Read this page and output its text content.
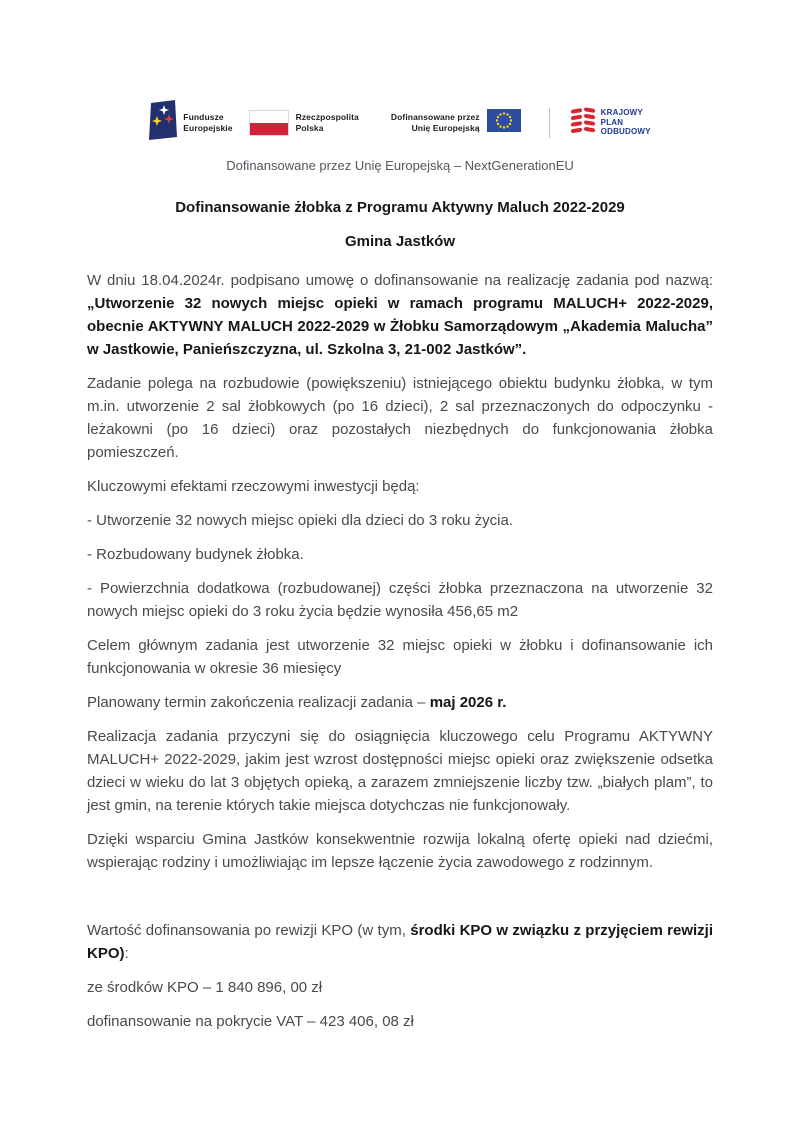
Fundusze
Europejskie
Rzeczpospolita
Polska
Dofinansowane przez
Unię Europejską
KRAJOWY
PLAN
ODBUDOWY
Dofinansowane przez Unię Europejską – NextGenerationEU
Dofinansowanie żłobka z Programu Aktywny Maluch 2022-2029
Gmina Jastków

W dniu 18.04.2024r. podpisano umowę o dofinansowanie na realizację zadania pod nazwą: „Utworzenie 32 nowych miejsc opieki w ramach programu MALUCH+ 2022-2029, obecnie AKTYWNY MALUCH 2022-2029 w Żłobku Samorządowym „Akademia Malucha” w Jastkowie, Panieńszczyzna, ul. Szkolna 3, 21-002 Jastków”.

Zadanie polega na rozbudowie (powiększeniu) istniejącego obiektu budynku żłobka, w tym m.in. utworzenie 2 sal żłobkowych (po 16 dzieci), 2 sal przeznaczonych do odpoczynku - leżakowni (po 16 dzieci) oraz pozostałych niezbędnych do funkcjonowania żłobka pomieszczeń.

Kluczowymi efektami rzeczowymi inwestycji będą:

- Utworzenie 32 nowych miejsc opieki dla dzieci do 3 roku życia.

- Rozbudowany budynek żłobka.

- Powierzchnia dodatkowa (rozbudowanej) części żłobka przeznaczona na utworzenie 32 nowych miejsc opieki do 3 roku życia będzie wynosiła 456,65 m2

Celem głównym zadania jest utworzenie 32 miejsc opieki w żłobku i dofinansowanie ich funkcjonowania w okresie 36 miesięcy

Planowany termin zakończenia realizacji zadania – maj 2026 r.

Realizacja zadania przyczyni się do osiągnięcia kluczowego celu Programu AKTYWNY MALUCH+ 2022-2029, jakim jest wzrost dostępności miejsc opieki oraz zwiększenie odsetka dzieci w wieku do lat 3 objętych opieką, a zarazem zmniejszenie liczby tzw. „białych plam”, to jest gmin, na terenie których takie miejsca dotychczas nie funkcjonowały.

Dzięki wsparciu Gmina Jastków konsekwentnie rozwija lokalną ofertę opieki nad dziećmi, wspierając rodziny i umożliwiając im lepsze łączenie życia zawodowego z rodzinnym.

Wartość dofinansowania po rewizji KPO (w tym, środki KPO w związku z przyjęciem rewizji KPO):

ze środków KPO – 1 840 896, 00 zł

dofinansowanie na pokrycie VAT – 423 406, 08 zł
